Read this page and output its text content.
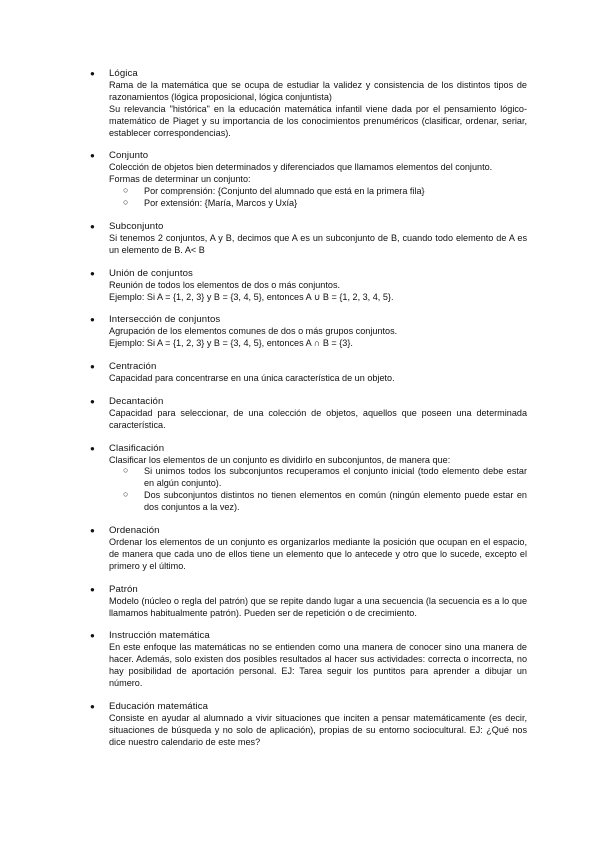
● Lógica
Rama de la matemática que se ocupa de estudiar la validez y consistencia de los distintos tipos de razonamientos (lógica proposicional, lógica conjuntista)
Su relevancia "histórica" en la educación matemática infantil viene dada por el pensamiento lógico-matemático de Piaget y su importancia de los conocimientos prenuméricos (clasificar, ordenar, seriar, establecer correspondencias).
● Conjunto
Colección de objetos bien determinados y diferenciados que llamamos elementos del conjunto.
Formas de determinar un conjunto:
○ Por comprensión: {Conjunto del alumnado que está en la primera fila}
○ Por extensión: {María, Marcos y Uxía}
● Subconjunto
Si tenemos 2 conjuntos, A y B, decimos que A es un subconjunto de B, cuando todo elemento de A es un elemento de B. A< B
● Unión de conjuntos
Reunión de todos los elementos de dos o más conjuntos.
Ejemplo: Si A = {1, 2, 3} y B = {3, 4, 5}, entonces A ∪ B = {1, 2, 3, 4, 5}.
● Intersección de conjuntos
Agrupación de los elementos comunes de dos o más grupos conjuntos.
Ejemplo: Si A = {1, 2, 3} y B = {3, 4, 5}, entonces A ∩ B = {3}.
● Centración
Capacidad para concentrarse en una única característica de un objeto.
● Decantación
Capacidad para seleccionar, de una colección de objetos, aquellos que poseen una determinada característica.
● Clasificación
Clasificar los elementos de un conjunto es dividirlo en subconjuntos, de manera que:
○ Si unimos todos los subconjuntos recuperamos el conjunto inicial (todo elemento debe estar en algún conjunto).
○ Dos subconjuntos distintos no tienen elementos en común (ningún elemento puede estar en dos conjuntos a la vez).
● Ordenación
Ordenar los elementos de un conjunto es organizarlos mediante la posición que ocupan en el espacio, de manera que cada uno de ellos tiene un elemento que lo antecede y otro que lo sucede, excepto el primero y el último.
● Patrón
Modelo (núcleo o regla del patrón) que se repite dando lugar a una secuencia (la secuencia es a lo que llamamos habitualmente patrón). Pueden ser de repetición o de crecimiento.
● Instrucción matemática
En este enfoque las matemáticas no se entienden como una manera de conocer sino una manera de hacer. Además, solo existen dos posibles resultados al hacer sus actividades: correcta o incorrecta, no hay posibilidad de aportación personal. EJ: Tarea seguir los puntitos para aprender a dibujar un número.
● Educación matemática
Consiste en ayudar al alumnado a vivir situaciones que inciten a pensar matemáticamente (es decir, situaciones de búsqueda y no solo de aplicación), propias de su entorno sociocultural. EJ: ¿Qué nos dice nuestro calendario de este mes?
